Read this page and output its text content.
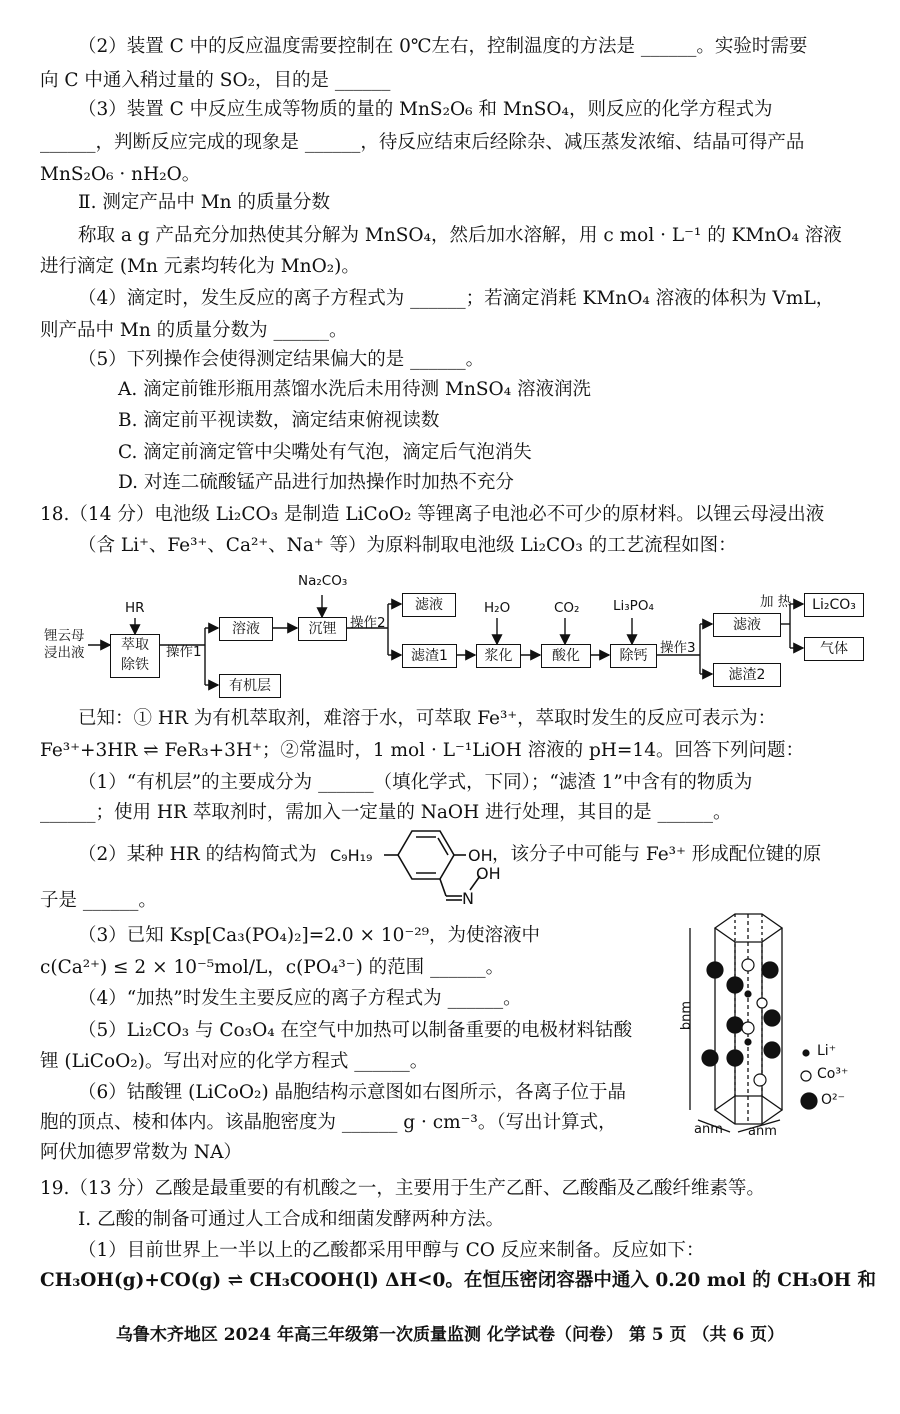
（2）装置 C 中的反应温度需要控制在 0℃左右，控制温度的方法是 ______。实验时需要
向 C 中通入稍过量的 SO₂，目的是 ______
（3）装置 C 中反应生成等物质的量的 MnS₂O₆ 和 MnSO₄，则反应的化学方程式为
______，判断反应完成的现象是 ______，待反应结束后经除杂、减压蒸发浓缩、结晶可得产品
MnS₂O₆ · nH₂O。
Ⅱ. 测定产品中 Mn 的质量分数
称取 a g 产品充分加热使其分解为 MnSO₄，然后加水溶解，用 c mol · L⁻¹ 的 KMnO₄ 溶液
进行滴定 (Mn 元素均转化为 MnO₂)。
（4）滴定时，发生反应的离子方程式为 ______；若滴定消耗 KMnO₄ 溶液的体积为 VmL，
则产品中 Mn 的质量分数为 ______。
（5）下列操作会使得测定结果偏大的是 ______。
A. 滴定前锥形瓶用蒸馏水洗后未用待测 MnSO₄ 溶液润洗
B. 滴定前平视读数，滴定结束俯视读数
C. 滴定前滴定管中尖嘴处有气泡，滴定后气泡消失
D. 对连二硫酸锰产品进行加热操作时加热不充分
18.（14 分）电池级 Li₂CO₃ 是制造 LiCoO₂ 等锂离子电池必不可少的原材料。以锂云母浸出液
（含 Li⁺、Fe³⁺、Ca²⁺、Na⁺ 等）为原料制取电池级 Li₂CO₃ 的工艺流程如图：
锂云母
浸出液
HR
萃取
除铁
操作1
溶液
有机层
Na₂CO₃
沉锂	操作2
滤液
滤渣1
H₂O
浆化
CO₂
酸化
Li₃PO₄
除钙 操作3
滤液
滤渣2
加 热	Li₂CO₃
气体
已知：① HR 为有机萃取剂，难溶于水，可萃取 Fe³⁺，萃取时发生的反应可表示为：
Fe³⁺+3HR ⇌ FeR₃+3H⁺；②常温时，1 mol · L⁻¹LiOH 溶液的 pH=14。回答下列问题：
（1）“有机层”的主要成分为 ______（填化学式，下同）；“滤渣 1”中含有的物质为
______；使用 HR 萃取剂时，需加入一定量的 NaOH 进行处理，其目的是 ______。
（2）某种 HR 的结构简式为 C₉H₁₉	OH
OH
N
，该分子中可能与 Fe³⁺ 形成配位键的原
子是 ______。
（3）已知 Ksp[Ca₃(PO₄)₂]=2.0 × 10⁻²⁹，为使溶液中
c(Ca²⁺) ≤ 2 × 10⁻⁵mol/L，c(PO₄³⁻) 的范围 ______。
（4）“加热”时发生主要反应的离子方程式为 ______。
（5）Li₂CO₃ 与 Co₃O₄ 在空气中加热可以制备重要的电极材料钴酸
锂 (LiCoO₂)。写出对应的化学方程式 ______。
（6）钴酸锂 (LiCoO₂) 晶胞结构示意图如右图所示，各离子位于晶
胞的顶点、棱和体内。该晶胞密度为 ______ g · cm⁻³。（写出计算式，
阿伏加德罗常数为 NA）
bnm
anm anm
Li⁺
Co³⁺
O²⁻
19.（13 分）乙酸是最重要的有机酸之一，主要用于生产乙酐、乙酸酯及乙酸纤维素等。
I. 乙酸的制备可通过人工合成和细菌发酵两种方法。
（1）目前世界上一半以上的乙酸都采用甲醇与 CO 反应来制备。反应如下：
CH₃OH(g)+CO(g) ⇌ CH₃COOH(l) ΔH<0。在恒压密闭容器中通入 0.20 mol 的 CH₃OH 和
乌鲁木齐地区 2024 年高三年级第一次质量监测 化学试卷（问卷） 第 5 页 （共 6 页）
